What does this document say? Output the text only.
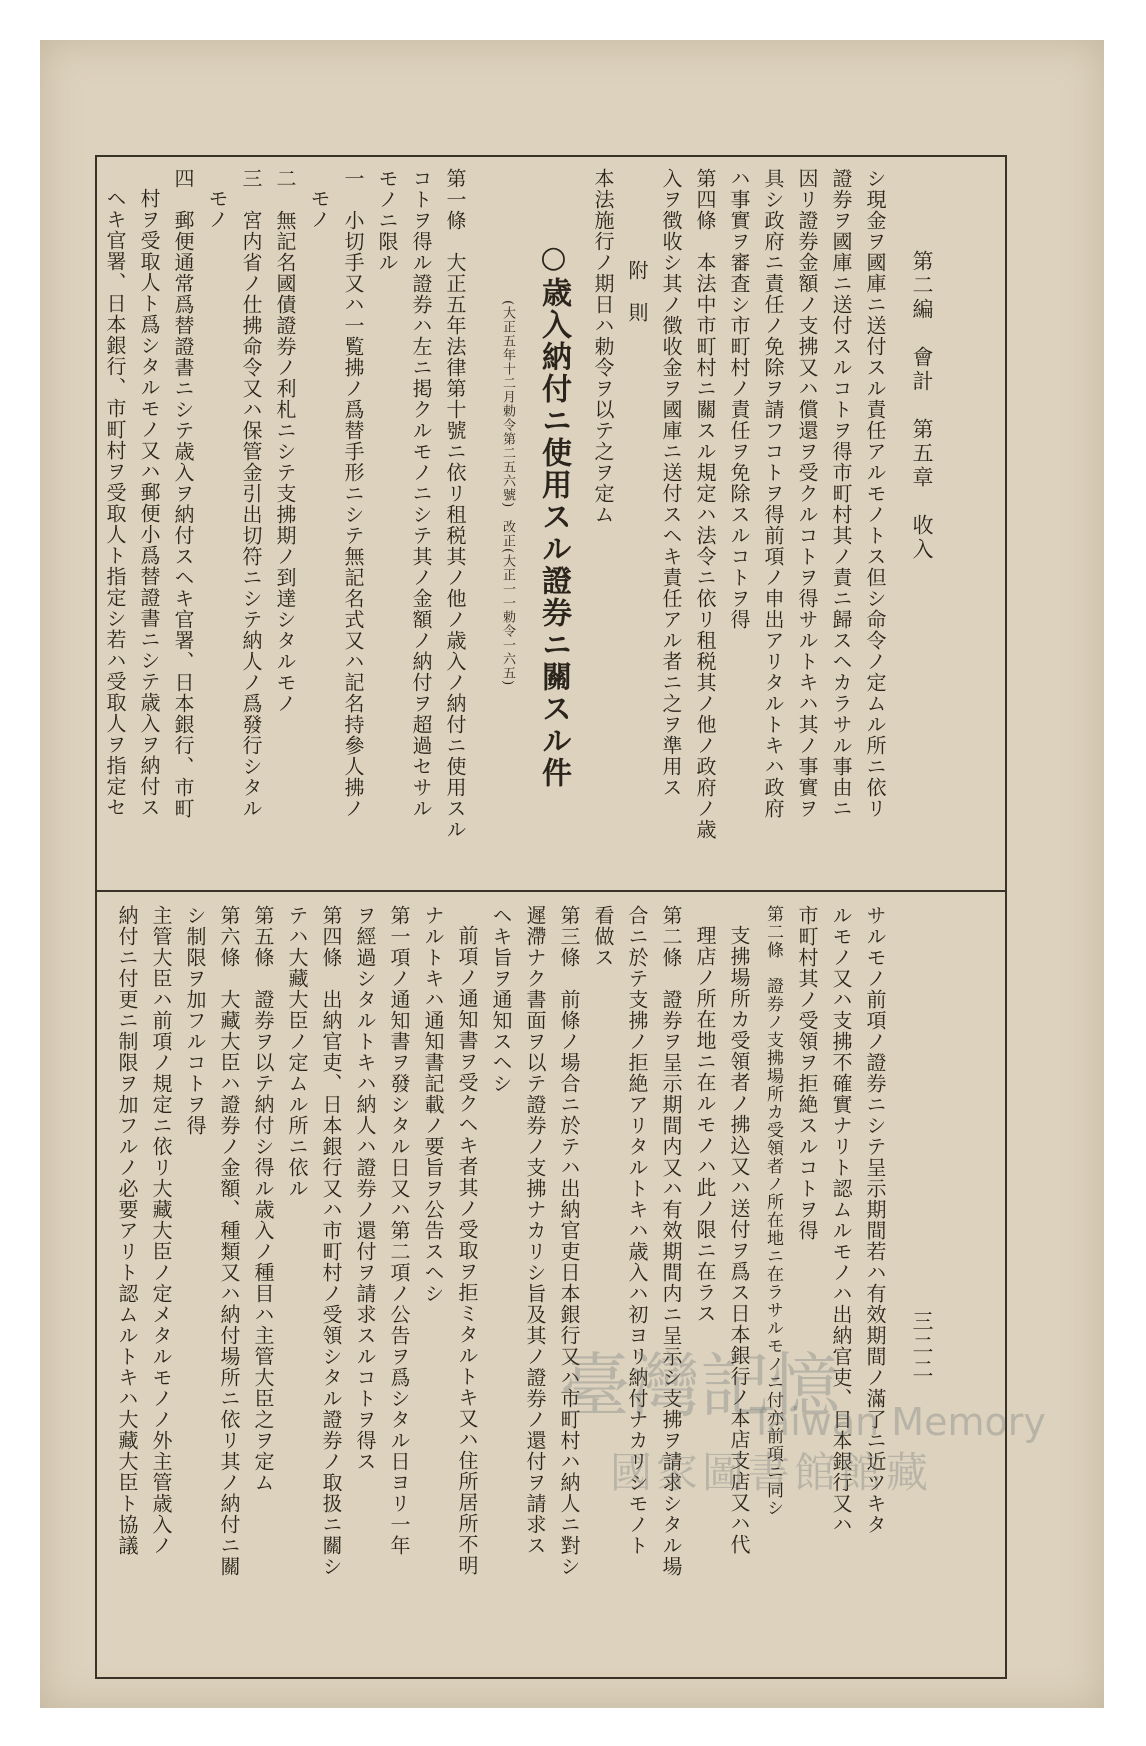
第二編　會計　第五章　收入
三二二
シ現金ヲ國庫ニ送付スル責任アルモノトス但シ命令ノ定ムル所ニ依リ
證券ヲ國庫ニ送付スルコトヲ得市町村其ノ責ニ歸スヘカラサル事由ニ
因リ證券金額ノ支拂又ハ償還ヲ受クルコトヲ得サルトキハ其ノ事實ヲ
具シ政府ニ責任ノ免除ヲ請フコトヲ得前項ノ申出アリタルトキハ政府
ハ事實ヲ審査シ市町村ノ責任ヲ免除スルコトヲ得
第四條　本法中市町村ニ關スル規定ハ法令ニ依リ租税其ノ他ノ政府ノ歳
入ヲ徴收シ其ノ徴收金ヲ國庫ニ送付スヘキ責任アル者ニ之ヲ準用ス
附　則
本法施行ノ期日ハ勅令ヲ以テ之ヲ定ム
○歳入納付ニ使用スル證券ニ關スル件
(大正五年十二月勅令第二五六號)
改正(大正一一勅令一六五)
第一條　大正五年法律第十號ニ依リ租税其ノ他ノ歳入ノ納付ニ使用スル
コトヲ得ル證券ハ左ニ掲クルモノニシテ其ノ金額ノ納付ヲ超過セサル
モノニ限ル
一　小切手又ハ一覧拂ノ爲替手形ニシテ無記名式又ハ記名持參人拂ノ
モノ
二　無記名國債證券ノ利札ニシテ支拂期ノ到達シタルモノ
三　宮内省ノ仕拂命令又ハ保管金引出切符ニシテ納人ノ爲發行シタル
モノ
四　郵便通常爲替證書ニシテ歳入ヲ納付スヘキ官署、日本銀行、市町
村ヲ受取人ト爲シタルモノ又ハ郵便小爲替證書ニシテ歳入ヲ納付ス
ヘキ官署、日本銀行、市町村ヲ受取人ト指定シ若ハ受取人ヲ指定セ
サルモノ前項ノ證券ニシテ呈示期間若ハ有效期間ノ滿了ニ近ツキタ
ルモノ又ハ支拂不確實ナリト認ムルモノハ出納官吏、日本銀行又ハ
市町村其ノ受領ヲ拒絶スルコトヲ得
第二條　證券ノ支拂場所カ受領者ノ所在地ニ在ラサルモノニ付亦前項ニ同シ
支拂場所カ受領者ノ拂込又ハ送付ヲ爲ス日本銀行ノ本店支店又ハ代
理店ノ所在地ニ在ルモノハ此ノ限ニ在ラス
第二條　證券ヲ呈示期間内又ハ有效期間内ニ呈示シ支拂ヲ請求シタル場
合ニ於テ支拂ノ拒絶アリタルトキハ歳入ハ初ヨリ納付ナカリシモノト
看做ス
第三條　前條ノ場合ニ於テハ出納官吏日本銀行又ハ市町村ハ納人ニ對シ
遲滯ナク書面ヲ以テ證券ノ支拂ナカリシ旨及其ノ證券ノ還付ヲ請求ス
ヘキ旨ヲ通知スヘシ
前項ノ通知書ヲ受クヘキ者其ノ受取ヲ拒ミタルトキ又ハ住所居所不明
ナルトキハ通知書記載ノ要旨ヲ公告スヘシ
第一項ノ通知書ヲ發シタル日又ハ第二項ノ公告ヲ爲シタル日ヨリ一年
ヲ經過シタルトキハ納人ハ證券ノ還付ヲ請求スルコトヲ得ス
第四條　出納官吏、日本銀行又ハ市町村ノ受領シタル證券ノ取扱ニ關シ
テハ大藏大臣ノ定ムル所ニ依ル
第五條　證券ヲ以テ納付シ得ル歳入ノ種目ハ主管大臣之ヲ定ム
第六條　大藏大臣ハ證券ノ金額、種類又ハ納付場所ニ依リ其ノ納付ニ關
シ制限ヲ加フルコトヲ得
主管大臣ハ前項ノ規定ニ依リ大藏大臣ノ定メタルモノノ外主管歳入ノ
納付ニ付更ニ制限ヲ加フルノ必要アリト認ムルトキハ大藏大臣ト協議	臺灣記憶
Taiwan Memory
國家圖書館館藏
